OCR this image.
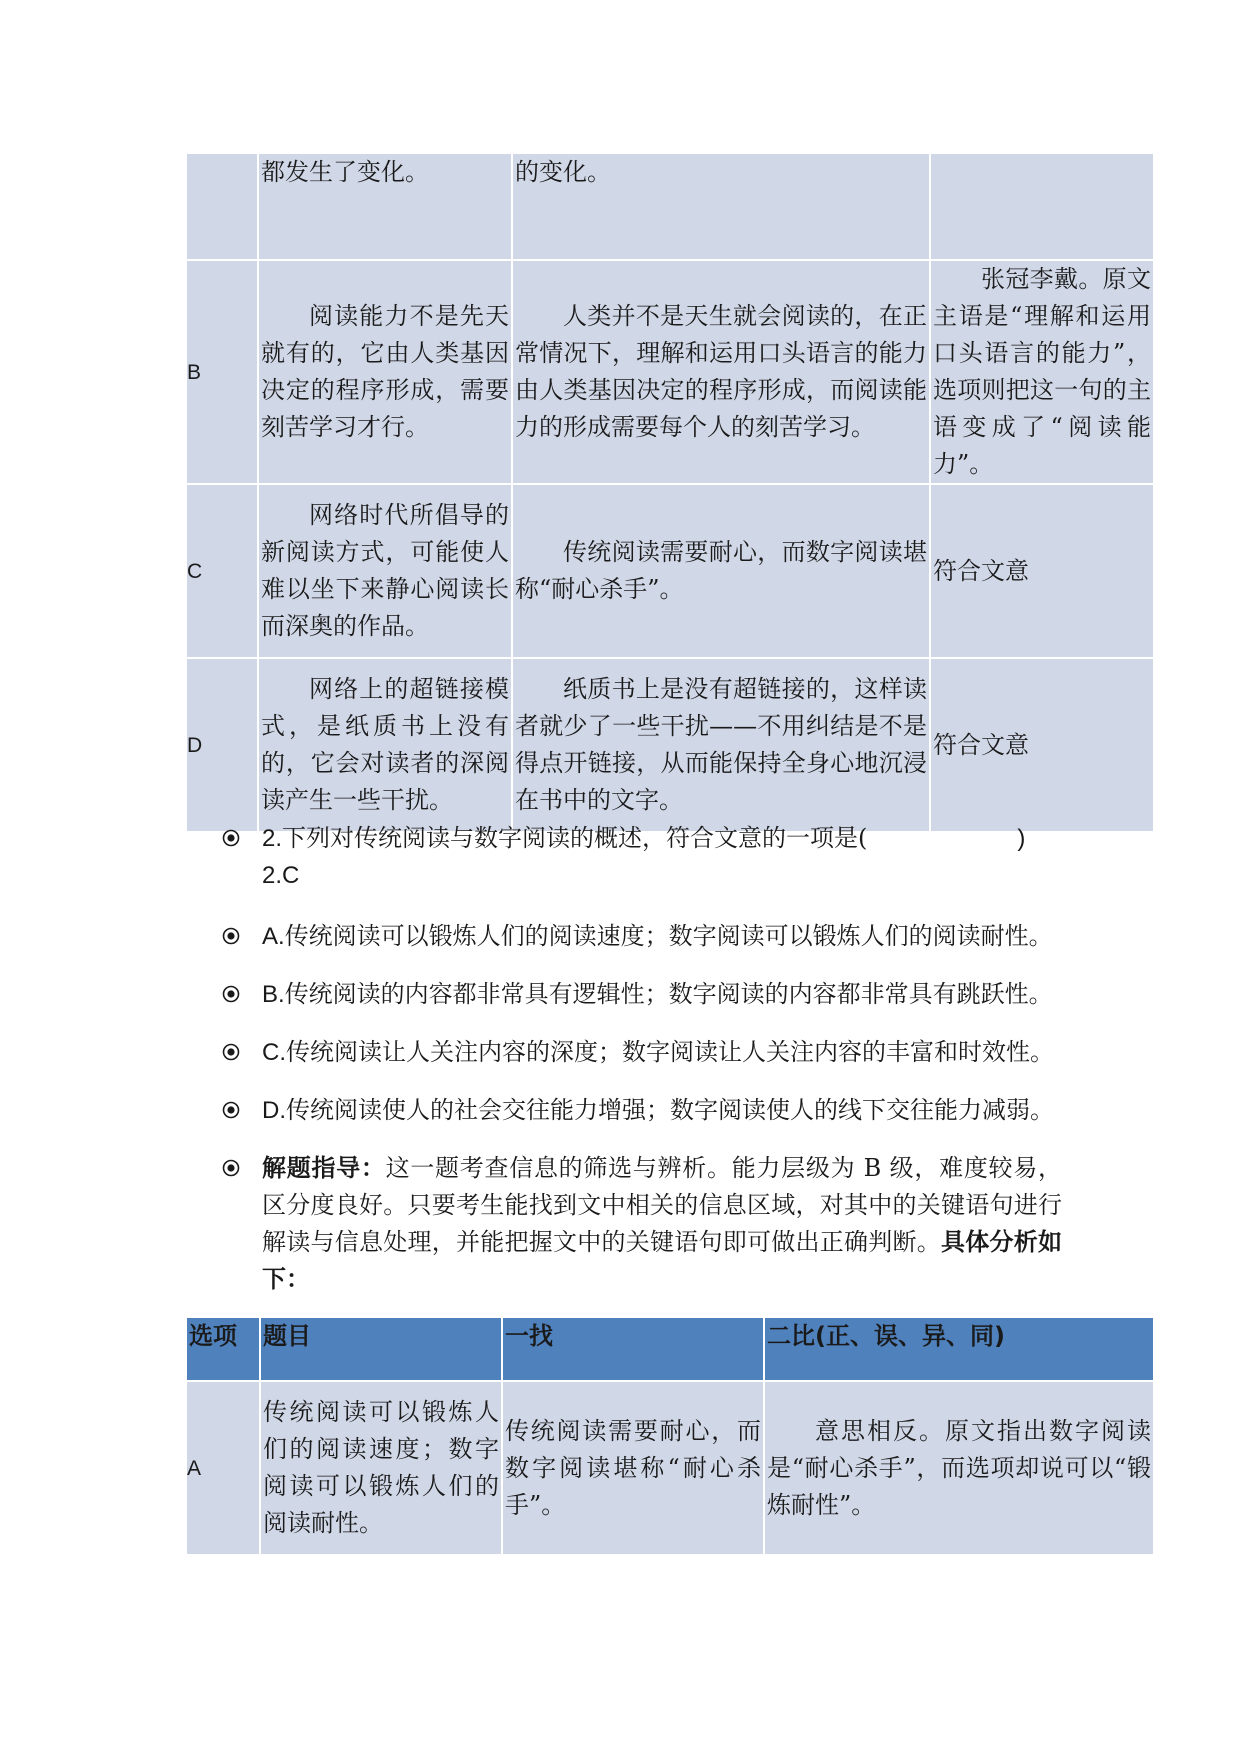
	都发生了变化。	的变化。	
B	阅读能力不是先天就有的，它由人类基因决定的程序形成，需要刻苦学习才行。	人类并不是天生就会阅读的，在正常情况下，理解和运用口头语言的能力由人类基因决定的程序形成，而阅读能力的形成需要每个人的刻苦学习。	张冠李戴。原文主语是“理解和运用口头语言的能力”，选项则把这一句的主语变成了“阅读能力”。
C	网络时代所倡导的新阅读方式，可能使人难以坐下来静心阅读长而深奥的作品。	传统阅读需要耐心，而数字阅读堪称“耐心杀手”。	符合文意
D	网络上的超链接模式，是纸质书上没有的，它会对读者的深阅读产生一些干扰。	纸质书上是没有超链接的，这样读者就少了一些干扰——不用纠结是不是得点开链接，从而能保持全身心地沉浸在书中的文字。	符合文意
2.下列对传统阅读与数字阅读的概述，符合文意的一项是(	)
2.C
A.传统阅读可以锻炼人们的阅读速度；数字阅读可以锻炼人们的阅读耐性。
B.传统阅读的内容都非常具有逻辑性；数字阅读的内容都非常具有跳跃性。
C.传统阅读让人关注内容的深度；数字阅读让人关注内容的丰富和时效性。
D.传统阅读使人的社会交往能力增强；数字阅读使人的线下交往能力减弱。
解题指导：这一题考查信息的筛选与辨析。能力层级为 B 级，难度较易，区分度良好。只要考生能找到文中相关的信息区域，对其中的关键语句进行解读与信息处理，并能把握文中的关键语句即可做出正确判断。具体分析如下：
选项	题目	一找	二比(正、误、异、同)
A	传统阅读可以锻炼人们的阅读速度；数字阅读可以锻炼人们的阅读耐性。	传统阅读需要耐心，而数字阅读堪称“耐心杀手”。	意思相反。原文指出数字阅读是“耐心杀手”，而选项却说可以“锻炼耐性”。
